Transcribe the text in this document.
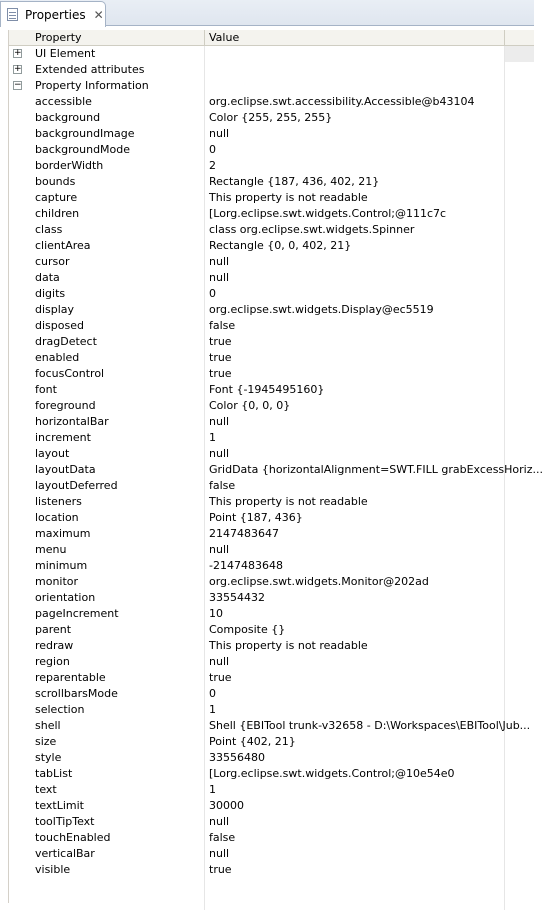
Properties ✕
Property	Value
+ UI Element
+ Extended attributes
− Property Information
accessible	org.eclipse.swt.accessibility.Accessible@b43104
background	Color {255, 255, 255}
backgroundImage	null
backgroundMode	0
borderWidth	2
bounds	Rectangle {187, 436, 402, 21}
capture	This property is not readable
children	[Lorg.eclipse.swt.widgets.Control;@111c7c
class	class org.eclipse.swt.widgets.Spinner
clientArea	Rectangle {0, 0, 402, 21}
cursor	null
data	null
digits	0
display	org.eclipse.swt.widgets.Display@ec5519
disposed	false
dragDetect	true
enabled	true
focusControl	true
font	Font {-1945495160}
foreground	Color {0, 0, 0}
horizontalBar	null
increment	1
layout	null
layoutData	GridData {horizontalAlignment=SWT.FILL grabExcessHoriz...
layoutDeferred	false
listeners	This property is not readable
location	Point {187, 436}
maximum	2147483647
menu	null
minimum	-2147483648
monitor	org.eclipse.swt.widgets.Monitor@202ad
orientation	33554432
pageIncrement	10
parent	Composite {}
redraw	This property is not readable
region	null
reparentable	true
scrollbarsMode	0
selection	1
shell	Shell {EBITool trunk-v32658 - D:\Workspaces\EBITool\Jub...
size	Point {402, 21}
style	33556480
tabList	[Lorg.eclipse.swt.widgets.Control;@10e54e0
text	1
textLimit	30000
toolTipText	null
touchEnabled	false
verticalBar	null
visible	true
